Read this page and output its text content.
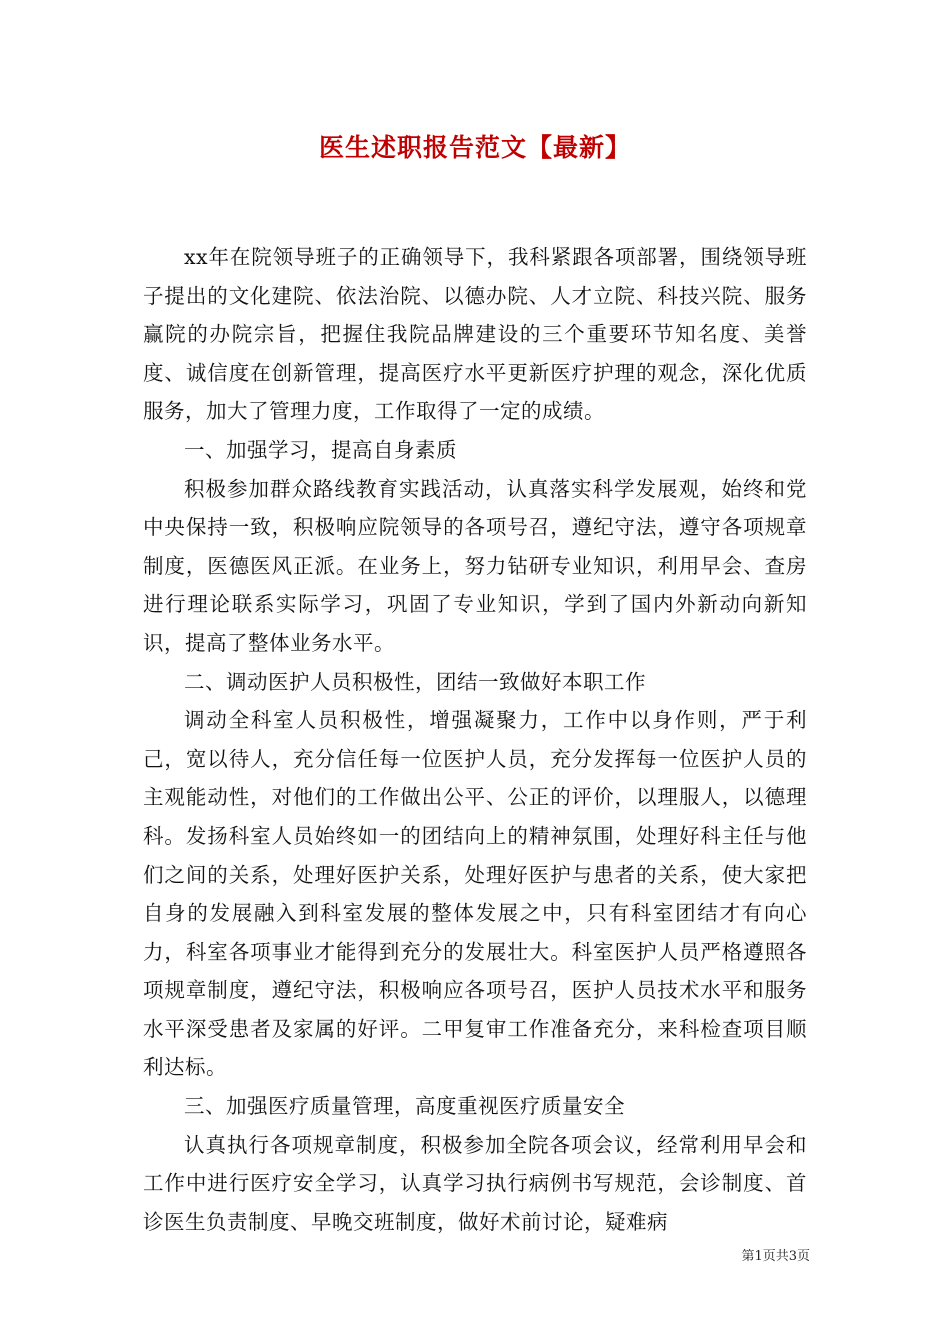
医生述职报告范文【最新】

xx年在院领导班子的正确领导下，我科紧跟各项部署，围绕领导班子提出的文化建院、依法治院、以德办院、人才立院、科技兴院、服务赢院的办院宗旨，把握住我院品牌建设的三个重要环节知名度、美誉度、诚信度在创新管理，提高医疗水平更新医疗护理的观念，深化优质服务，加大了管理力度，工作取得了一定的成绩。

一、加强学习，提高自身素质

积极参加群众路线教育实践活动，认真落实科学发展观，始终和党中央保持一致，积极响应院领导的各项号召，遵纪守法，遵守各项规章制度，医德医风正派。在业务上，努力钻研专业知识，利用早会、查房进行理论联系实际学习，巩固了专业知识，学到了国内外新动向新知识，提高了整体业务水平。

二、调动医护人员积极性，团结一致做好本职工作

调动全科室人员积极性，增强凝聚力，工作中以身作则，严于利己，宽以待人，充分信任每一位医护人员，充分发挥每一位医护人员的主观能动性，对他们的工作做出公平、公正的评价，以理服人，以德理科。发扬科室人员始终如一的团结向上的精神氛围，处理好科主任与他们之间的关系，处理好医护关系，处理好医护与患者的关系，使大家把自身的发展融入到科室发展的整体发展之中，只有科室团结才有向心力，科室各项事业才能得到充分的发展壮大。科室医护人员严格遵照各项规章制度，遵纪守法，积极响应各项号召，医护人员技术水平和服务水平深受患者及家属的好评。二甲复审工作准备充分，来科检查项目顺利达标。

三、加强医疗质量管理，高度重视医疗质量安全

认真执行各项规章制度，积极参加全院各项会议，经常利用早会和工作中进行医疗安全学习，认真学习执行病例书写规范，会诊制度、首诊医生负责制度、早晚交班制度，做好术前讨论，疑难病

第1页共3页
